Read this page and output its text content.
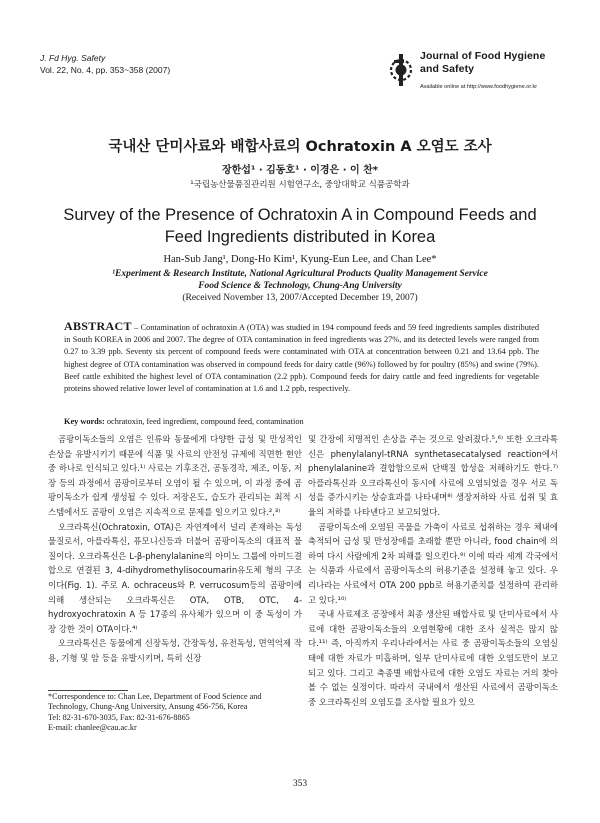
J. Fd Hyg. Safety
Vol. 22, No. 4, pp. 353~358 (2007)
Journal of Food Hygiene
and Safety
Available online at http://www.foodhygiene.or.kr
국내산 단미사료와 배합사료의 Ochratoxin A 오염도 조사
장한섭¹ · 김동호¹ · 이경은 · 이 찬*
¹국립농산물품질관리원 시험연구소, 중앙대학교 식품공학과
Survey of the Presence of Ochratoxin A in Compound Feeds and
Feed Ingredients distributed in Korea
Han-Sub Jang¹, Dong-Ho Kim¹, Kyung-Eun Lee, and Chan Lee*
¹Experiment & Research Institute, National Agricultural Products Quality Management Service
Food Science & Technology, Chung-Ang University
(Received November 13, 2007/Accepted December 19, 2007)
ABSTRACT – Contamination of ochratoxin A (OTA) was studied in 194 compound feeds and 59 feed ingredients samples distributed in South KOREA in 2006 and 2007. The degree of OTA contamination in feed ingredients was 27%, and its detected levels were ranged from 0.27 to 3.39 ppb. Seventy six percent of compound feeds were contaminated with OTA at concentration between 0.21 and 13.64 ppb. The highest degree of OTA contamination was observed in compound feeds for dairy cattle (96%) followed by for poultry (85%) and swine (79%). Beef cattle exhibited the highest level of OTA contamination (2.2 ppb). Compound feeds for dairy cattle and feed ingredients for vegetable proteins showed relative lower level of contamination at 1.6 and 1.2 ppb, respectively.
Key words: ochratoxin, feed ingredient, compound feed, contamination

곰팡이독소들의 오염은 인류와 동물에게 다양한 급성 및 만성적인 손상을 유발시키기 때문에 식품 및 사료의 안전성 규제에 직면한 현안 중 하나로 인식되고 있다.¹⁾ 사료는 기후조건, 공동경작, 제조, 이동, 저장 등의 과정에서 곰팡이로부터 오염이 될 수 있으며, 이 과정 중에 곰팡이독소가 쉽게 생성될 수 있다. 저장온도, 습도가 관리되는 최적 시스템에서도 곰팡이 오염은 지속적으로 문제를 일으키고 있다.²,³⁾

오크라톡신(Ochratoxin, OTA)은 자연계에서 널리 존재하는 독성물질로서, 아플라톡신, 퓨모니신등과 더불어 곰팡이독소의 대표적 물질이다. 오크라톡신은 L-β-phenylalanine의 아미노 그룹에 아미드결합으로 연결된 3, 4-dihydromethylisocoumarin유도체 형의 구조이다(Fig. 1). 주로 A. ochraceus와 P. verrucosum등의 곰팡이에 의해 생산되는 오크라톡신은 OTA, OTB, OTC, 4-hydroxyochratoxin A 등 17종의 유사체가 있으며 이 중 독성이 가장 강한 것이 OTA이다.⁴⁾

오크라톡신은 동물에게 신장독성, 간장독성, 유전독성, 면역억제 작용, 기형 및 암 등을 유발시키며, 특히 신장

및 간장에 치명적인 손상을 주는 것으로 알려졌다.⁵,⁶⁾ 또한 오크라톡신은 phenylalanyl-tRNA synthetasecatalysed reaction에서 phenylalanine과 결합함으로써 단백질 합성을 저해하기도 한다.⁷⁾ 아플라톡신과 오크라톡신이 동시에 사료에 오염되었을 경우 서로 독성을 증가시키는 상승효과를 나타내며⁸⁾ 생장저하와 사료 섭취 및 효율의 저하를 나타낸다고 보고되었다.

곰팡이독소에 오염된 곡물을 가축이 사료로 섭취하는 경우 체내에 축적되어 급성 및 만성장애를 초래할 뿐만 아니라, food chain에 의하여 다시 사람에게 2차 피해를 일으킨다.⁹⁾ 이에 따라 세계 각국에서는 식품과 사료에서 곰팡이독소의 허용기준을 설정해 놓고 있다. 우리나라는 사료에서 OTA 200 ppb로 허용기준치를 설정하여 관리하고 있다.¹⁰⁾

국내 사료제조 공장에서 최종 생산된 배합사료 및 단미사료에서 사료에 대한 곰팡이독소들의 오염현황에 대한 조사 실적은 많지 않다.¹¹⁾ 즉, 아직까지 우리나라에서는 사료 중 곰팡이독소들의 오염실태에 대한 자료가 미흡하며, 일부 단미사료에 대한 오염도만이 보고되고 있다. 그리고 축종별 배합사료에 대한 오염도 자료는 거의 찾아볼 수 없는 실정이다. 따라서 국내에서 생산된 사료에서 곰팡이독소 중 오크라톡신의 오염도를 조사할 필요가 있으

*Correspondence to: Chan Lee, Department of Food Science and
Technology, Chung-Ang University, Ansung 456-756, Korea
Tel: 82-31-670-3035, Fax: 82-31-676-8865
E-mail: chanlee@cau.ac.kr
353
